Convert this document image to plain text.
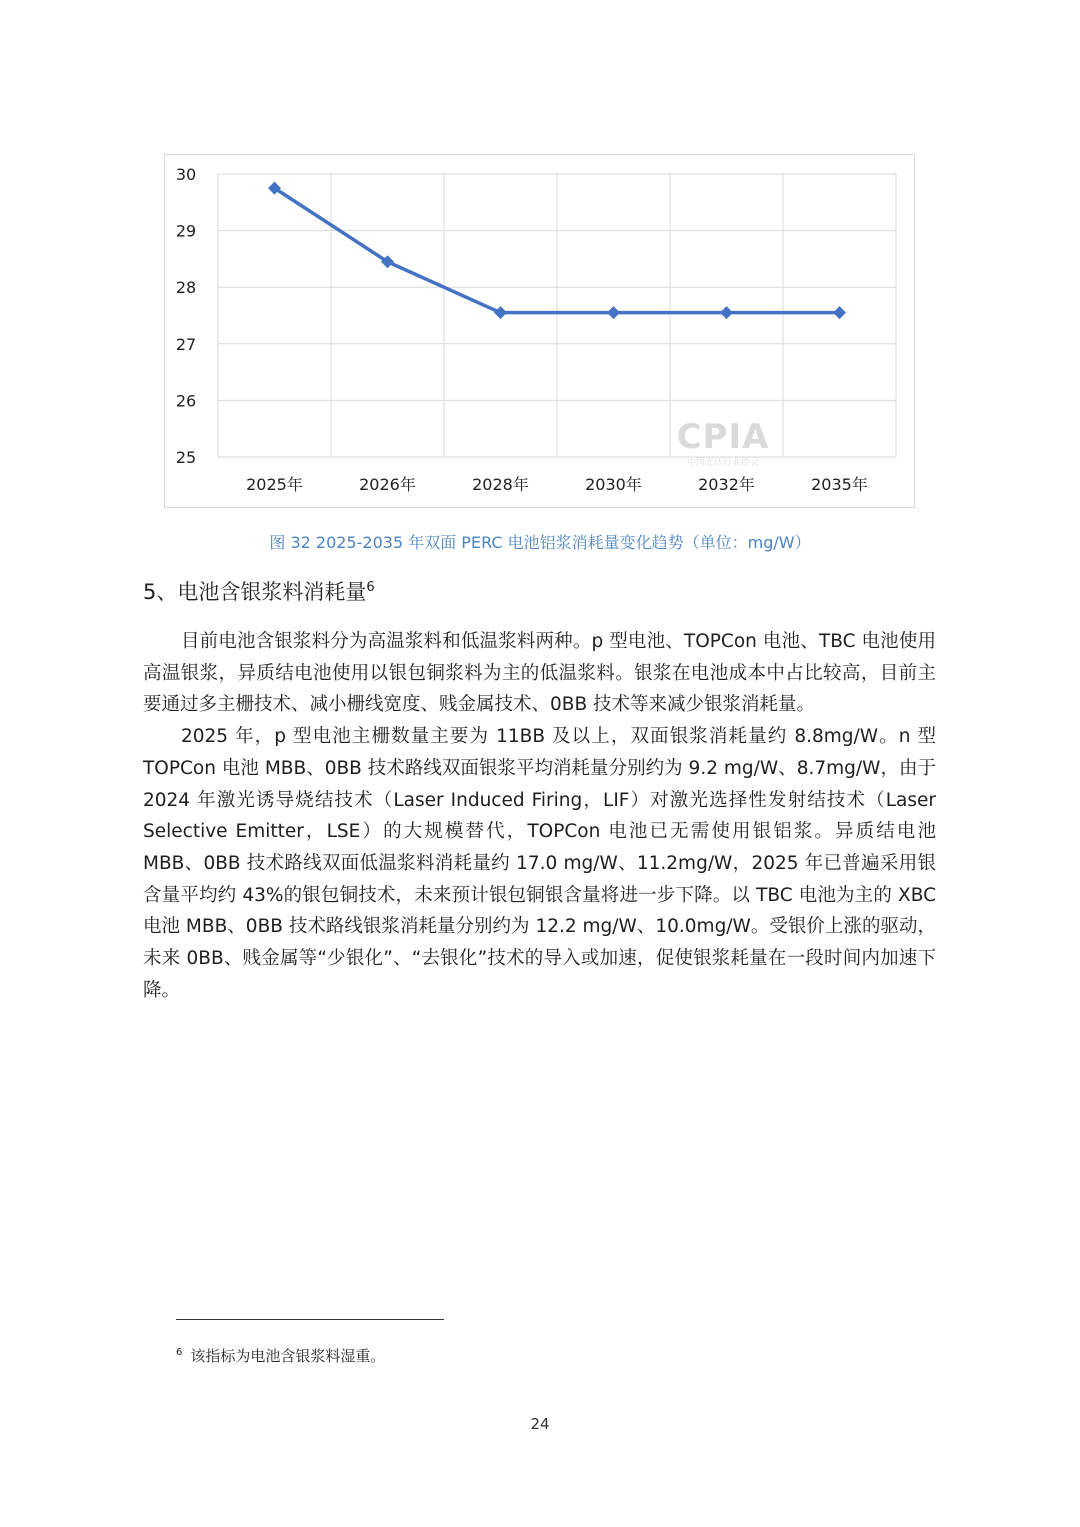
30
29
28
27
26
25
2025年	2026年	2028年	2030年	2032年	2035年
CPIA
中国光伏行业协会
图 32 2025-2035 年双面 PERC 电池铝浆消耗量变化趋势（单位：mg/W）
5、电池含银浆料消耗量$^6$

目前电池含银浆料分为高温浆料和低温浆料两种。p 型电池、TOPCon 电池、TBC 电池使用高温银浆，异质结电池使用以银包铜浆料为主的低温浆料。银浆在电池成本中占比较高，目前主要通过多主栅技术、减小栅线宽度、贱金属技术、0BB 技术等来减少银浆消耗量。

2025 年，p 型电池主栅数量主要为 11BB 及以上，双面银浆消耗量约 8.8mg/W。n 型 TOPCon 电池 MBB、0BB 技术路线双面银浆平均消耗量分别约为 9.2 mg/W、8.7mg/W，由于 2024 年激光诱导烧结技术（Laser Induced Firing，LIF）对激光选择性发射结技术（Laser Selective Emitter，LSE）的大规模替代，TOPCon 电池已无需使用银铝浆。异质结电池 MBB、0BB 技术路线双面低温浆料消耗量约 17.0 mg/W、11.2mg/W，2025 年已普遍采用银含量平均约 43%的银包铜技术，未来预计银包铜银含量将进一步下降。以 TBC 电池为主的 XBC 电池 MBB、0BB 技术路线银浆消耗量分别约为 12.2 mg/W、10.0mg/W。受银价上涨的驱动，未来 0BB、贱金属等“少银化”、“去银化”技术的导入或加速，促使银浆耗量在一段时间内加速下降。

$^6$ 该指标为电池含银浆料湿重。
24
